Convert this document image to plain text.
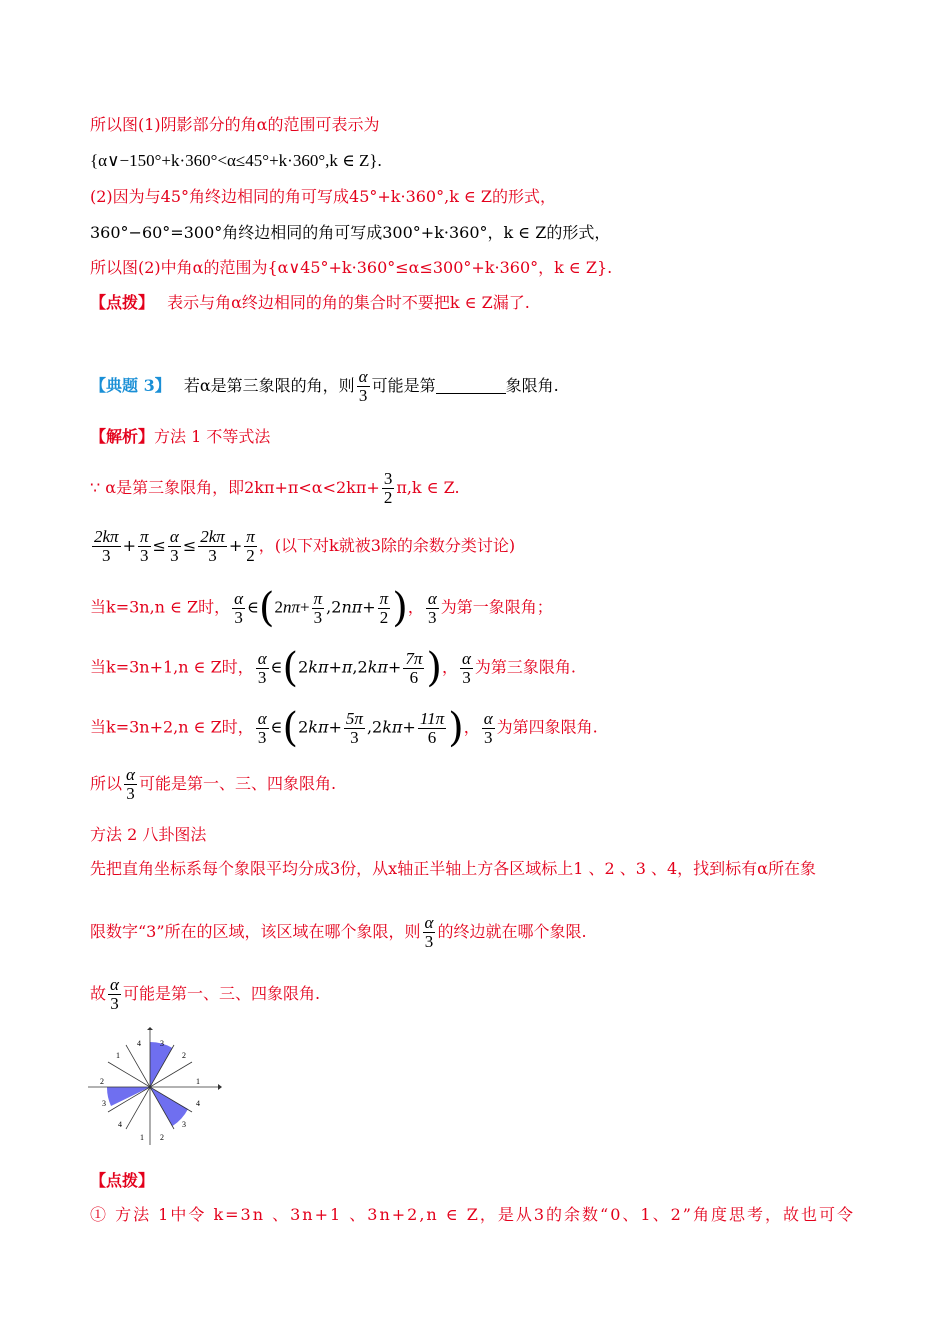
所以图(1)阴影部分的角α的范围可表示为
{α∨−150°+k·360°<α≤45°+k·360°,k ∈ Z}.
(2)因为与45°角终边相同的角可写成45°+k·360°,k ∈ Z的形式，
360°−60°=300°角终边相同的角可写成300°+k·360°，k ∈ Z的形式，
所以图(2)中角α的范围为{α∨45°+k·360°≤α≤300°+k·360°，k ∈ Z}.
【点拨】 表示与角α终边相同的角的集合时不要把k ∈ Z漏了.
【典题 3】 若α是第三象限的角，则 $\frac{\alpha}{3}$ 可能是第	象限角.
【解析】方法 1 不等式法
∵ α是第三象限角，即$2k\pi+\pi<\alpha<2k\pi+ \frac{3}{2} \pi,k$ ∈ Z.
$\frac{2k\pi}{3} + \frac{\pi}{3} \le \frac{\alpha}{3} \le \frac{2k\pi}{3} + \frac{\pi}{2}$ ，(以下对k就被3除的余数分类讨论)
当k=3n,n ∈ Z时， $\frac{\alpha}{3}$ ∈(2nπ+ $\frac{\pi}{3} ,2n\pi+ \frac{\pi}{2}$ )， $\frac{\alpha}{3}$ 为第一象限角；
当k=3n+1,n ∈ Z时， $\frac{\alpha}{3}$ ∈(2kπ+π,2kπ+ $\frac{7\pi}{6}$ )， $\frac{\alpha}{3}$ 为第三象限角.
当k=3n+2,n ∈ Z时， $\frac{\alpha}{3}$ ∈(2kπ+ $\frac{5\pi}{3} ,2k\pi+ \frac{11\pi}{6}$ )， $\frac{\alpha}{3}$ 为第四象限角.
所以 $\frac{\alpha}{3}$ 可能是第一、三、四象限角.
方法 2 八卦图法
先把直角坐标系每个象限平均分成3份，从x轴正半轴上方各区域标上1 、2 、3 、4，找到标有α所在象
限数字“3”所在的区域，该区域在哪个象限，则 $\frac{\alpha}{3}$ 的终边就在哪个象限.
故 $\frac{\alpha}{3}$ 可能是第一、三、四象限角.
1
2
3
4
1
2
3
4
1 2
3
4
【点拨】
① 方法 1中令 k=3n 、3n+1 、3n+2,n ∈ Z，是从3的余数“0、1、2”角度思考，故也可令
